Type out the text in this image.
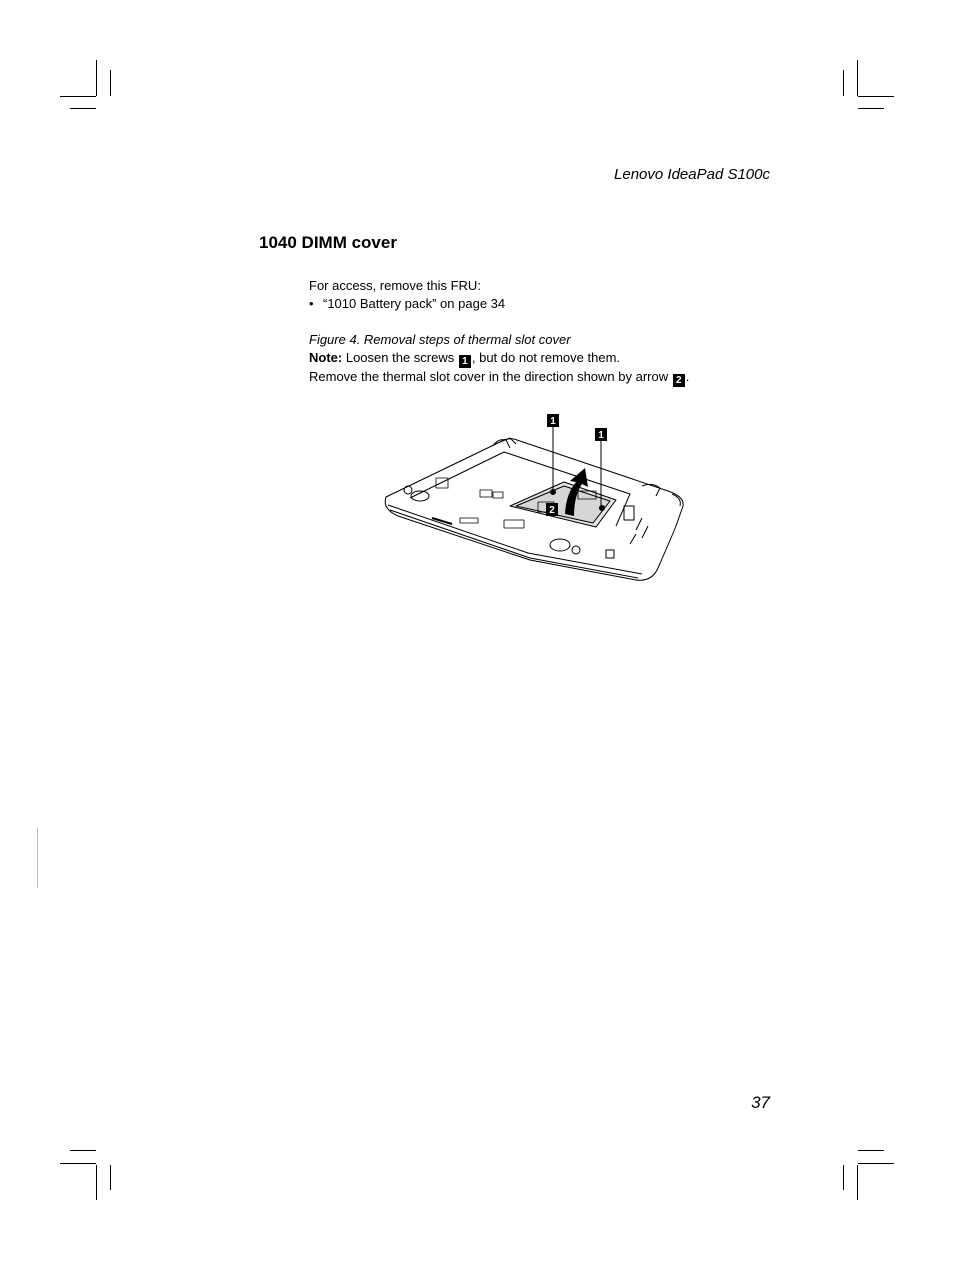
Lenovo IdeaPad S100c
1040 DIMM cover
For access, remove this FRU:
• “1010 Battery pack” on page 34
Figure 4. Removal steps of thermal slot cover
Note: Loosen the screws 1 , but do not remove them.
Remove the thermal slot cover in the direction shown by arrow 2 .
1
1
2
37
